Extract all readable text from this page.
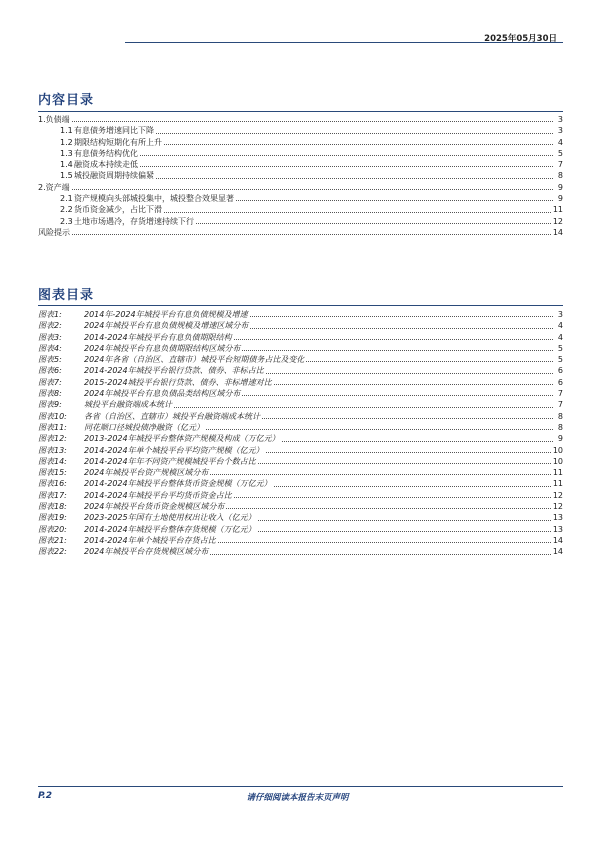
2025年05月30日
内容目录
1.负债端	3
1.1有息债务增速同比下降	3
1.2期限结构短期化有所上升	4
1.3有息债务结构优化	5
1.4融资成本持续走低	7
1.5城投融资周期持续偏紧	8
2.资产端	9
2.1资产规模向头部城投集中，城投整合效果显著	9
2.2货币资金减少，占比下滑	11
2.3土地市场遇冷，存货增速持续下行	12
风险提示	14
图表目录
图表1:	2014年-2024年城投平台有息负债规模及增速	3
图表2:	2024年城投平台有息负债规模及增速区域分布	4
图表3:	2014-2024年城投平台有息负债期限结构	4
图表4:	2024年城投平台有息负债期限结构区域分布	5
图表5:	2024年各省（自治区、直辖市）城投平台短期债务占比及变化	5
图表6:	2014-2024年城投平台银行贷款、债券、非标占比	6
图表7:	2015-2024城投平台银行贷款、债券、非标增速对比	6
图表8:	2024年城投平台有息负债品类结构区域分布	7
图表9:	城投平台融资端成本统计	7
图表10: 各省（自治区、直辖市）城投平台融资端成本统计	8
图表11: 同花顺口径城投债净融资（亿元）	8
图表12: 2013-2024年城投平台整体资产规模及构成（万亿元）	9
图表13: 2014-2024年单个城投平台平均资产规模（亿元）	10
图表14: 2014-2024年年不同资产规模城投平台个数占比	10
图表15: 2024年城投平台资产规模区域分布	11
图表16: 2014-2024年城投平台整体货币资金规模（万亿元）	11
图表17: 2014-2024年城投平台平均货币资金占比	12
图表18: 2024年城投平台货币资金规模区域分布	12
图表19: 2023-2025年国有土地使用权出让收入（亿元）	13
图表20: 2014-2024年城投平台整体存货规模（万亿元）	13
图表21: 2014-2024年单个城投平台存货占比	14
图表22: 2024年城投平台存货规模区域分布	14
P.2	请仔细阅读本报告末页声明
